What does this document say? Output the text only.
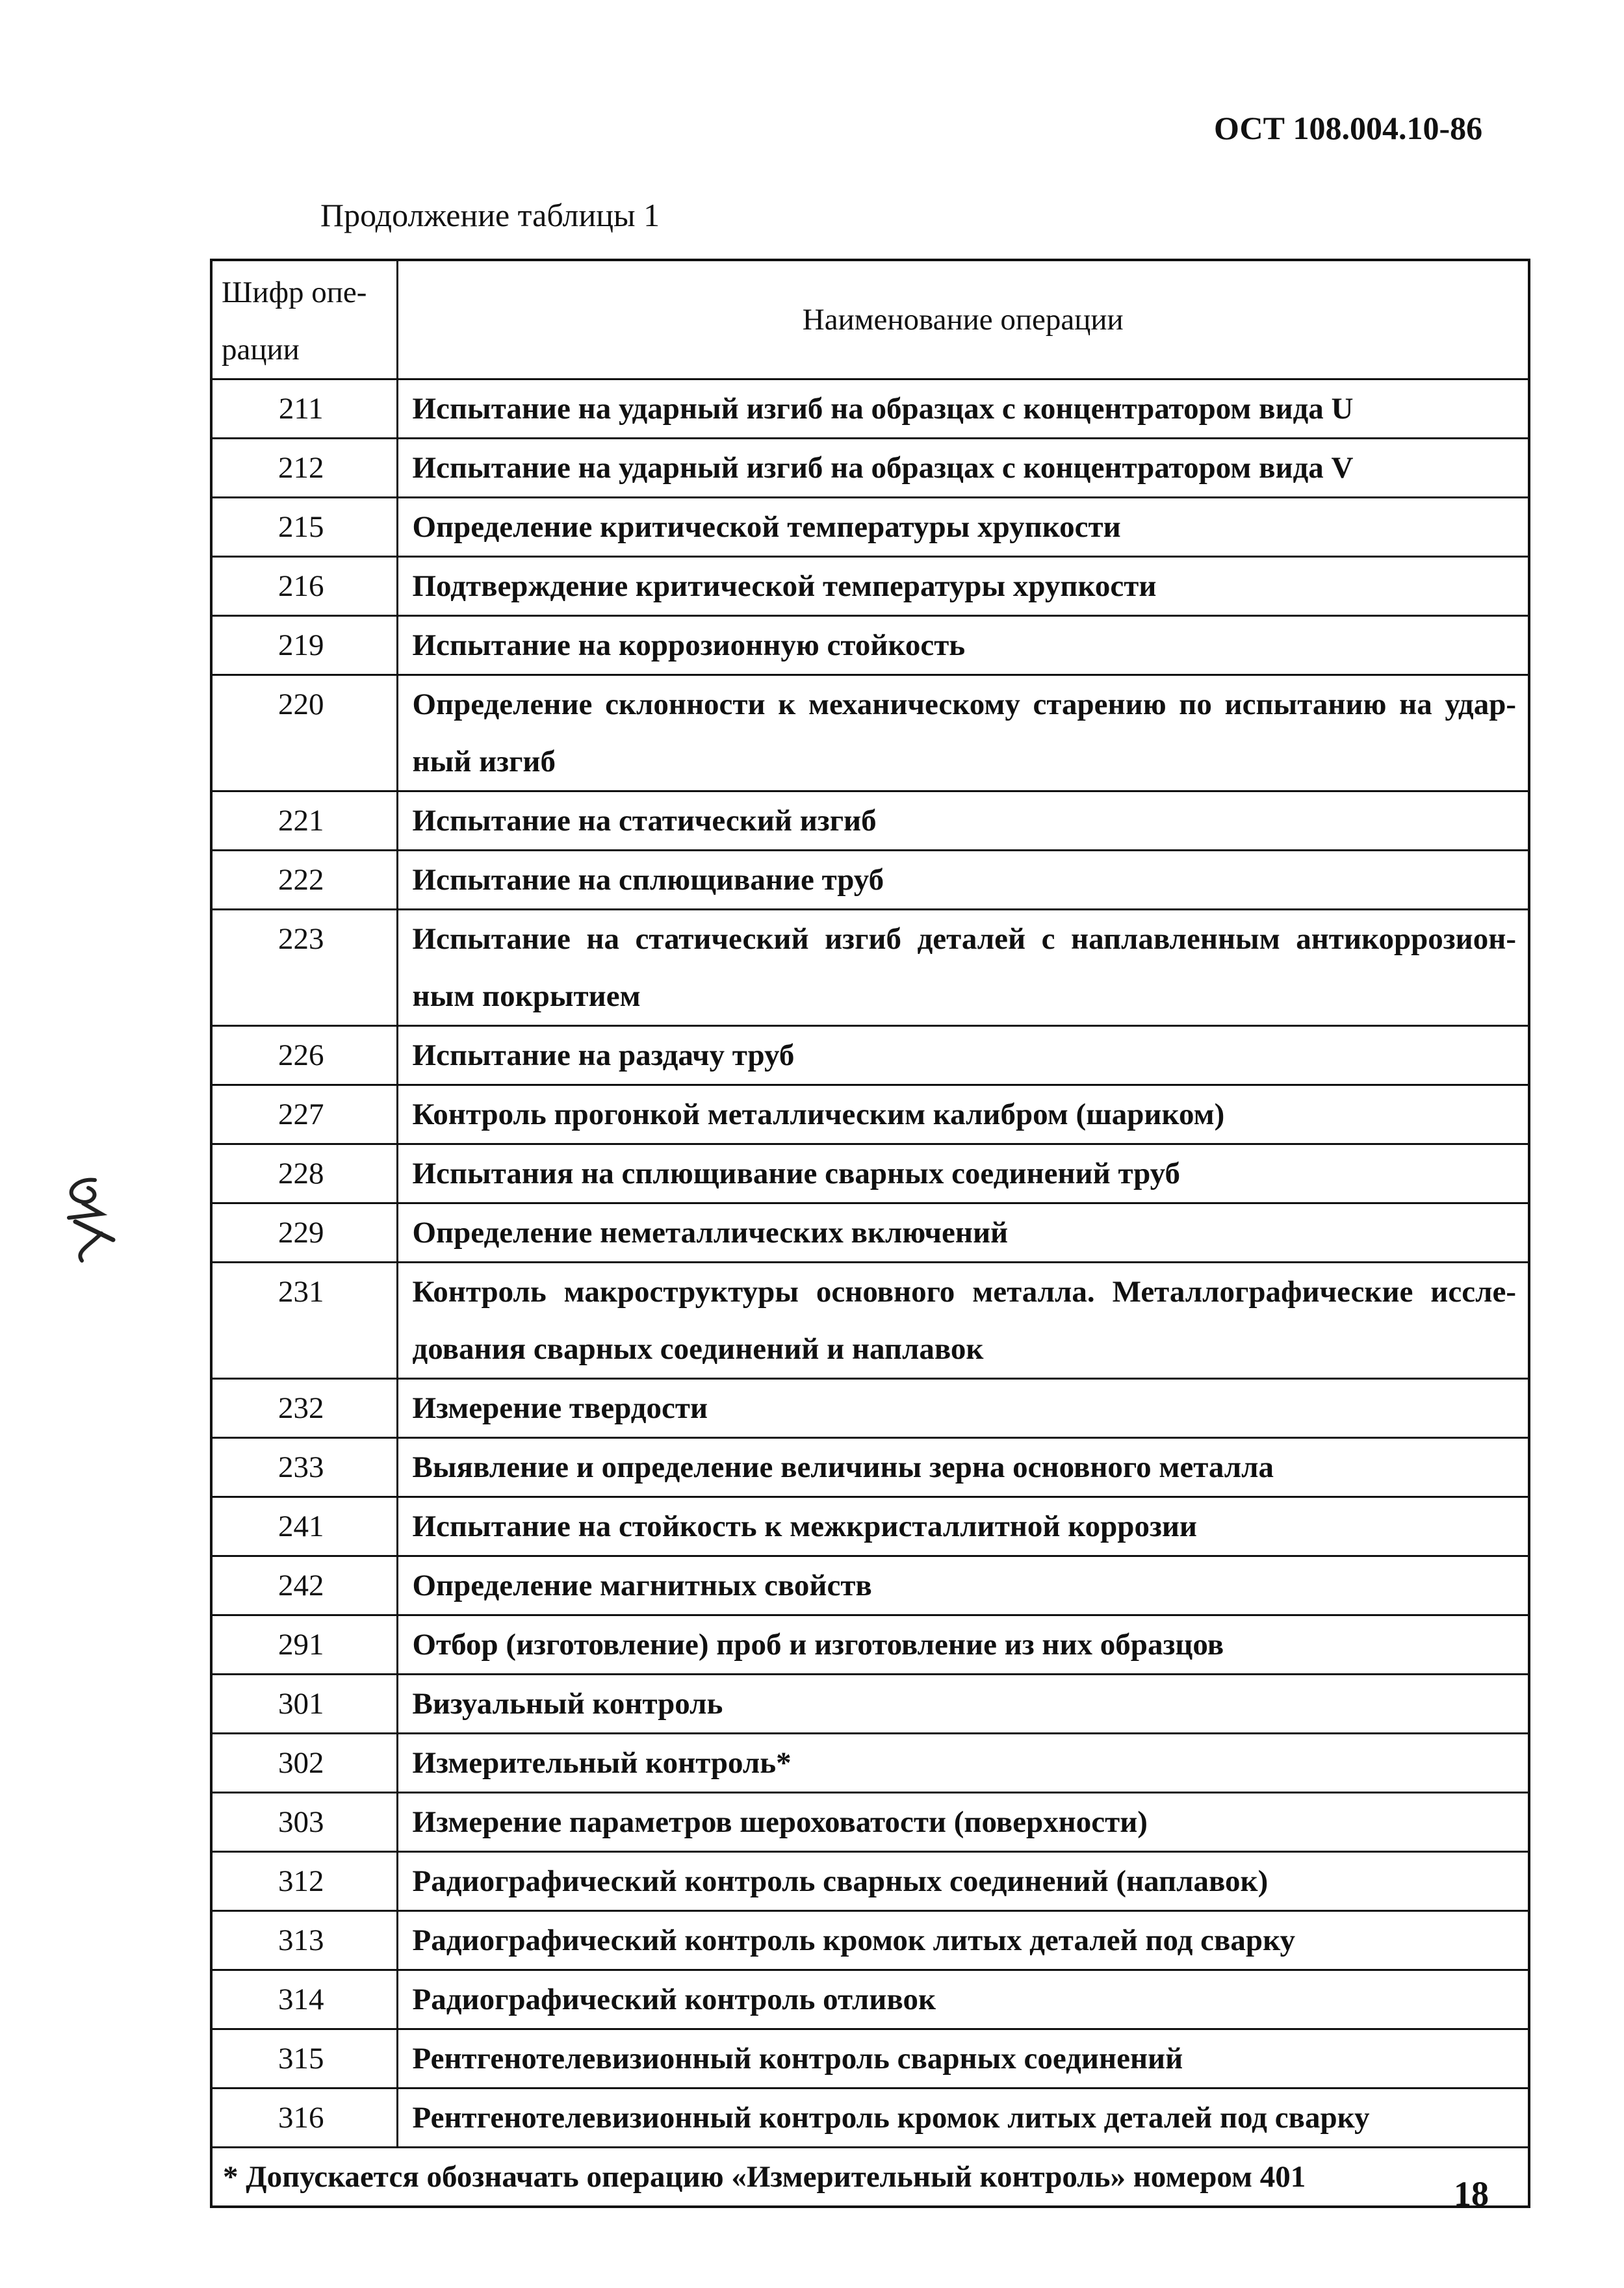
ОСТ 108.004.10-86
Продолжение таблицы 1
Шифр опе-
рации	Наименование операции
211	Испытание на ударный изгиб на образцах с концентратором вида U
212	Испытание на ударный изгиб на образцах с концентратором вида V
215	Определение критической температуры хрупкости
216	Подтверждение критической температуры хрупкости
219	Испытание на коррозионную стойкость
220	Определение склонности к механическому старению по испытанию на удар-ный изгиб
221	Испытание на статический изгиб
222	Испытание на сплющивание труб
223	Испытание на статический изгиб деталей с наплавленным антикоррозион-ным покрытием
226	Испытание на раздачу труб
227	Контроль прогонкой металлическим калибром (шариком)
228	Испытания на сплющивание сварных соединений труб
229	Определение неметаллических включений
231	Контроль макроструктуры основного металла. Металлографические иссле-дования сварных соединений и наплавок
232	Измерение твердости
233	Выявление и определение величины зерна основного металла
241	Испытание на стойкость к межкристаллитной коррозии
242	Определение магнитных свойств
291	Отбор (изготовление) проб и изготовление из них образцов
301	Визуальный контроль
302	Измерительный контроль*
303	Измерение параметров шероховатости (поверхности)
312	Радиографический контроль сварных соединений (наплавок)
313	Радиографический контроль кромок литых деталей под сварку
314	Радиографический контроль отливок
315	Рентгенотелевизионный контроль сварных соединений
316	Рентгенотелевизионный контроль кромок литых деталей под сварку
* Допускается обозначать операцию «Измерительный контроль» номером 401		18
